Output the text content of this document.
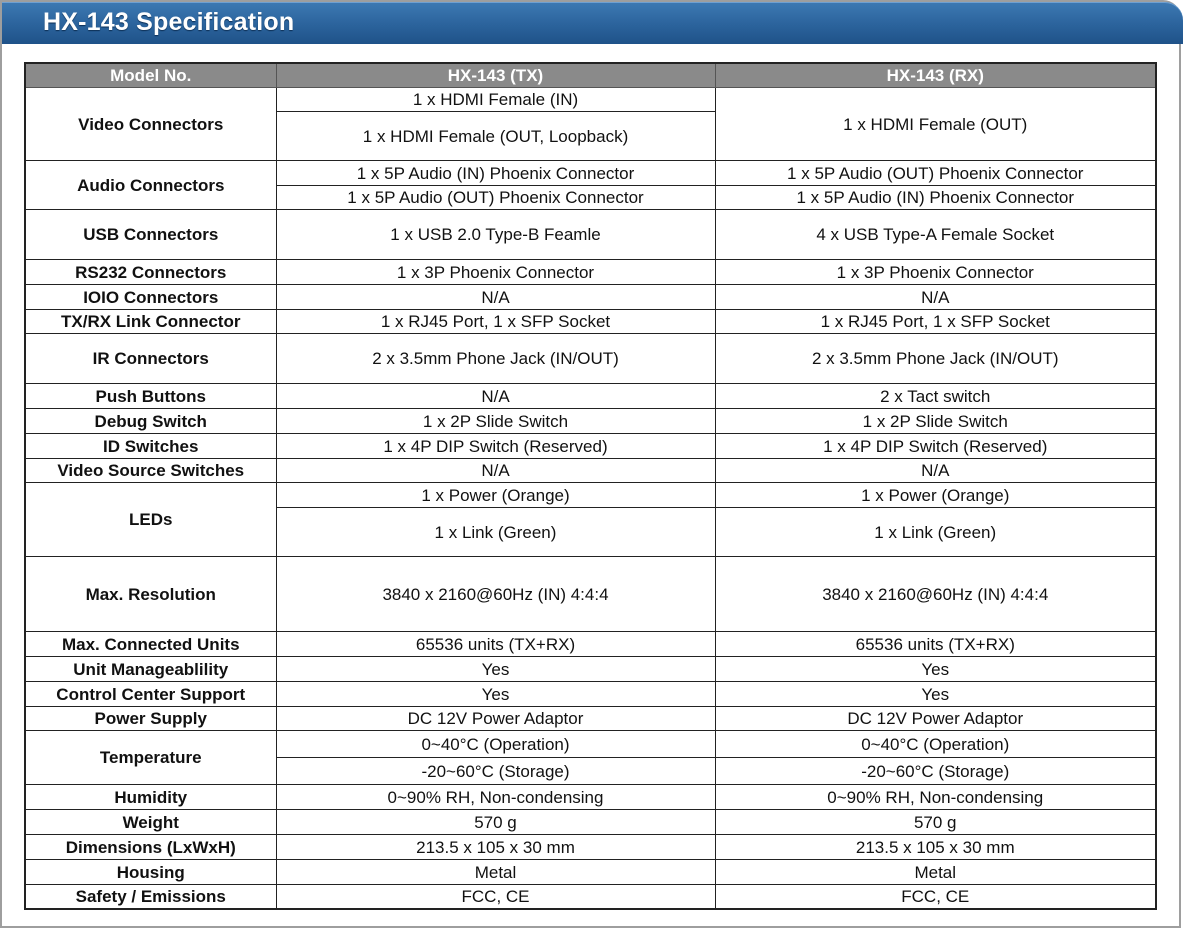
HX-143 Specification
Model No.	HX-143 (TX)	HX-143 (RX)
Video Connectors	1 x HDMI Female (IN)	1 x HDMI Female (OUT)
	1 x HDMI Female (OUT, Loopback)	
Audio Connectors	1 x 5P Audio (IN) Phoenix Connector	1 x 5P Audio (OUT) Phoenix Connector
	1 x 5P Audio (OUT) Phoenix Connector	1 x 5P Audio (IN) Phoenix Connector
USB Connectors	1 x USB 2.0 Type-B Feamle	4 x USB Type-A Female Socket
RS232 Connectors	1 x 3P Phoenix Connector	1 x 3P Phoenix Connector
IOIO Connectors	N/A	N/A
TX/RX Link Connector	1 x RJ45 Port, 1 x SFP Socket	1 x RJ45 Port, 1 x SFP Socket
IR Connectors	2 x 3.5mm Phone Jack (IN/OUT)	2 x 3.5mm Phone Jack (IN/OUT)
Push Buttons	N/A	2 x Tact switch
Debug Switch	1 x 2P Slide Switch	1 x 2P Slide Switch
ID Switches	1 x 4P DIP Switch (Reserved)	1 x 4P DIP Switch (Reserved)
Video Source Switches	N/A	N/A
LEDs	1 x Power (Orange)	1 x Power (Orange)
	1 x Link (Green)	1 x Link (Green)
Max. Resolution	3840 x 2160@60Hz (IN) 4:4:4	3840 x 2160@60Hz (IN) 4:4:4
Max. Connected Units	65536 units (TX+RX)	65536 units (TX+RX)
Unit Manageablility	Yes	Yes
Control Center Support	Yes	Yes
Power Supply	DC 12V Power Adaptor	DC 12V Power Adaptor
Temperature	0~40°C (Operation)	0~40°C (Operation)
	-20~60°C (Storage)	-20~60°C (Storage)
Humidity	0~90% RH, Non-condensing	0~90% RH, Non-condensing
Weight	570 g	570 g
Dimensions (LxWxH)	213.5 x 105 x 30 mm	213.5 x 105 x 30 mm
Housing	Metal	Metal
Safety / Emissions	FCC, CE	FCC, CE
